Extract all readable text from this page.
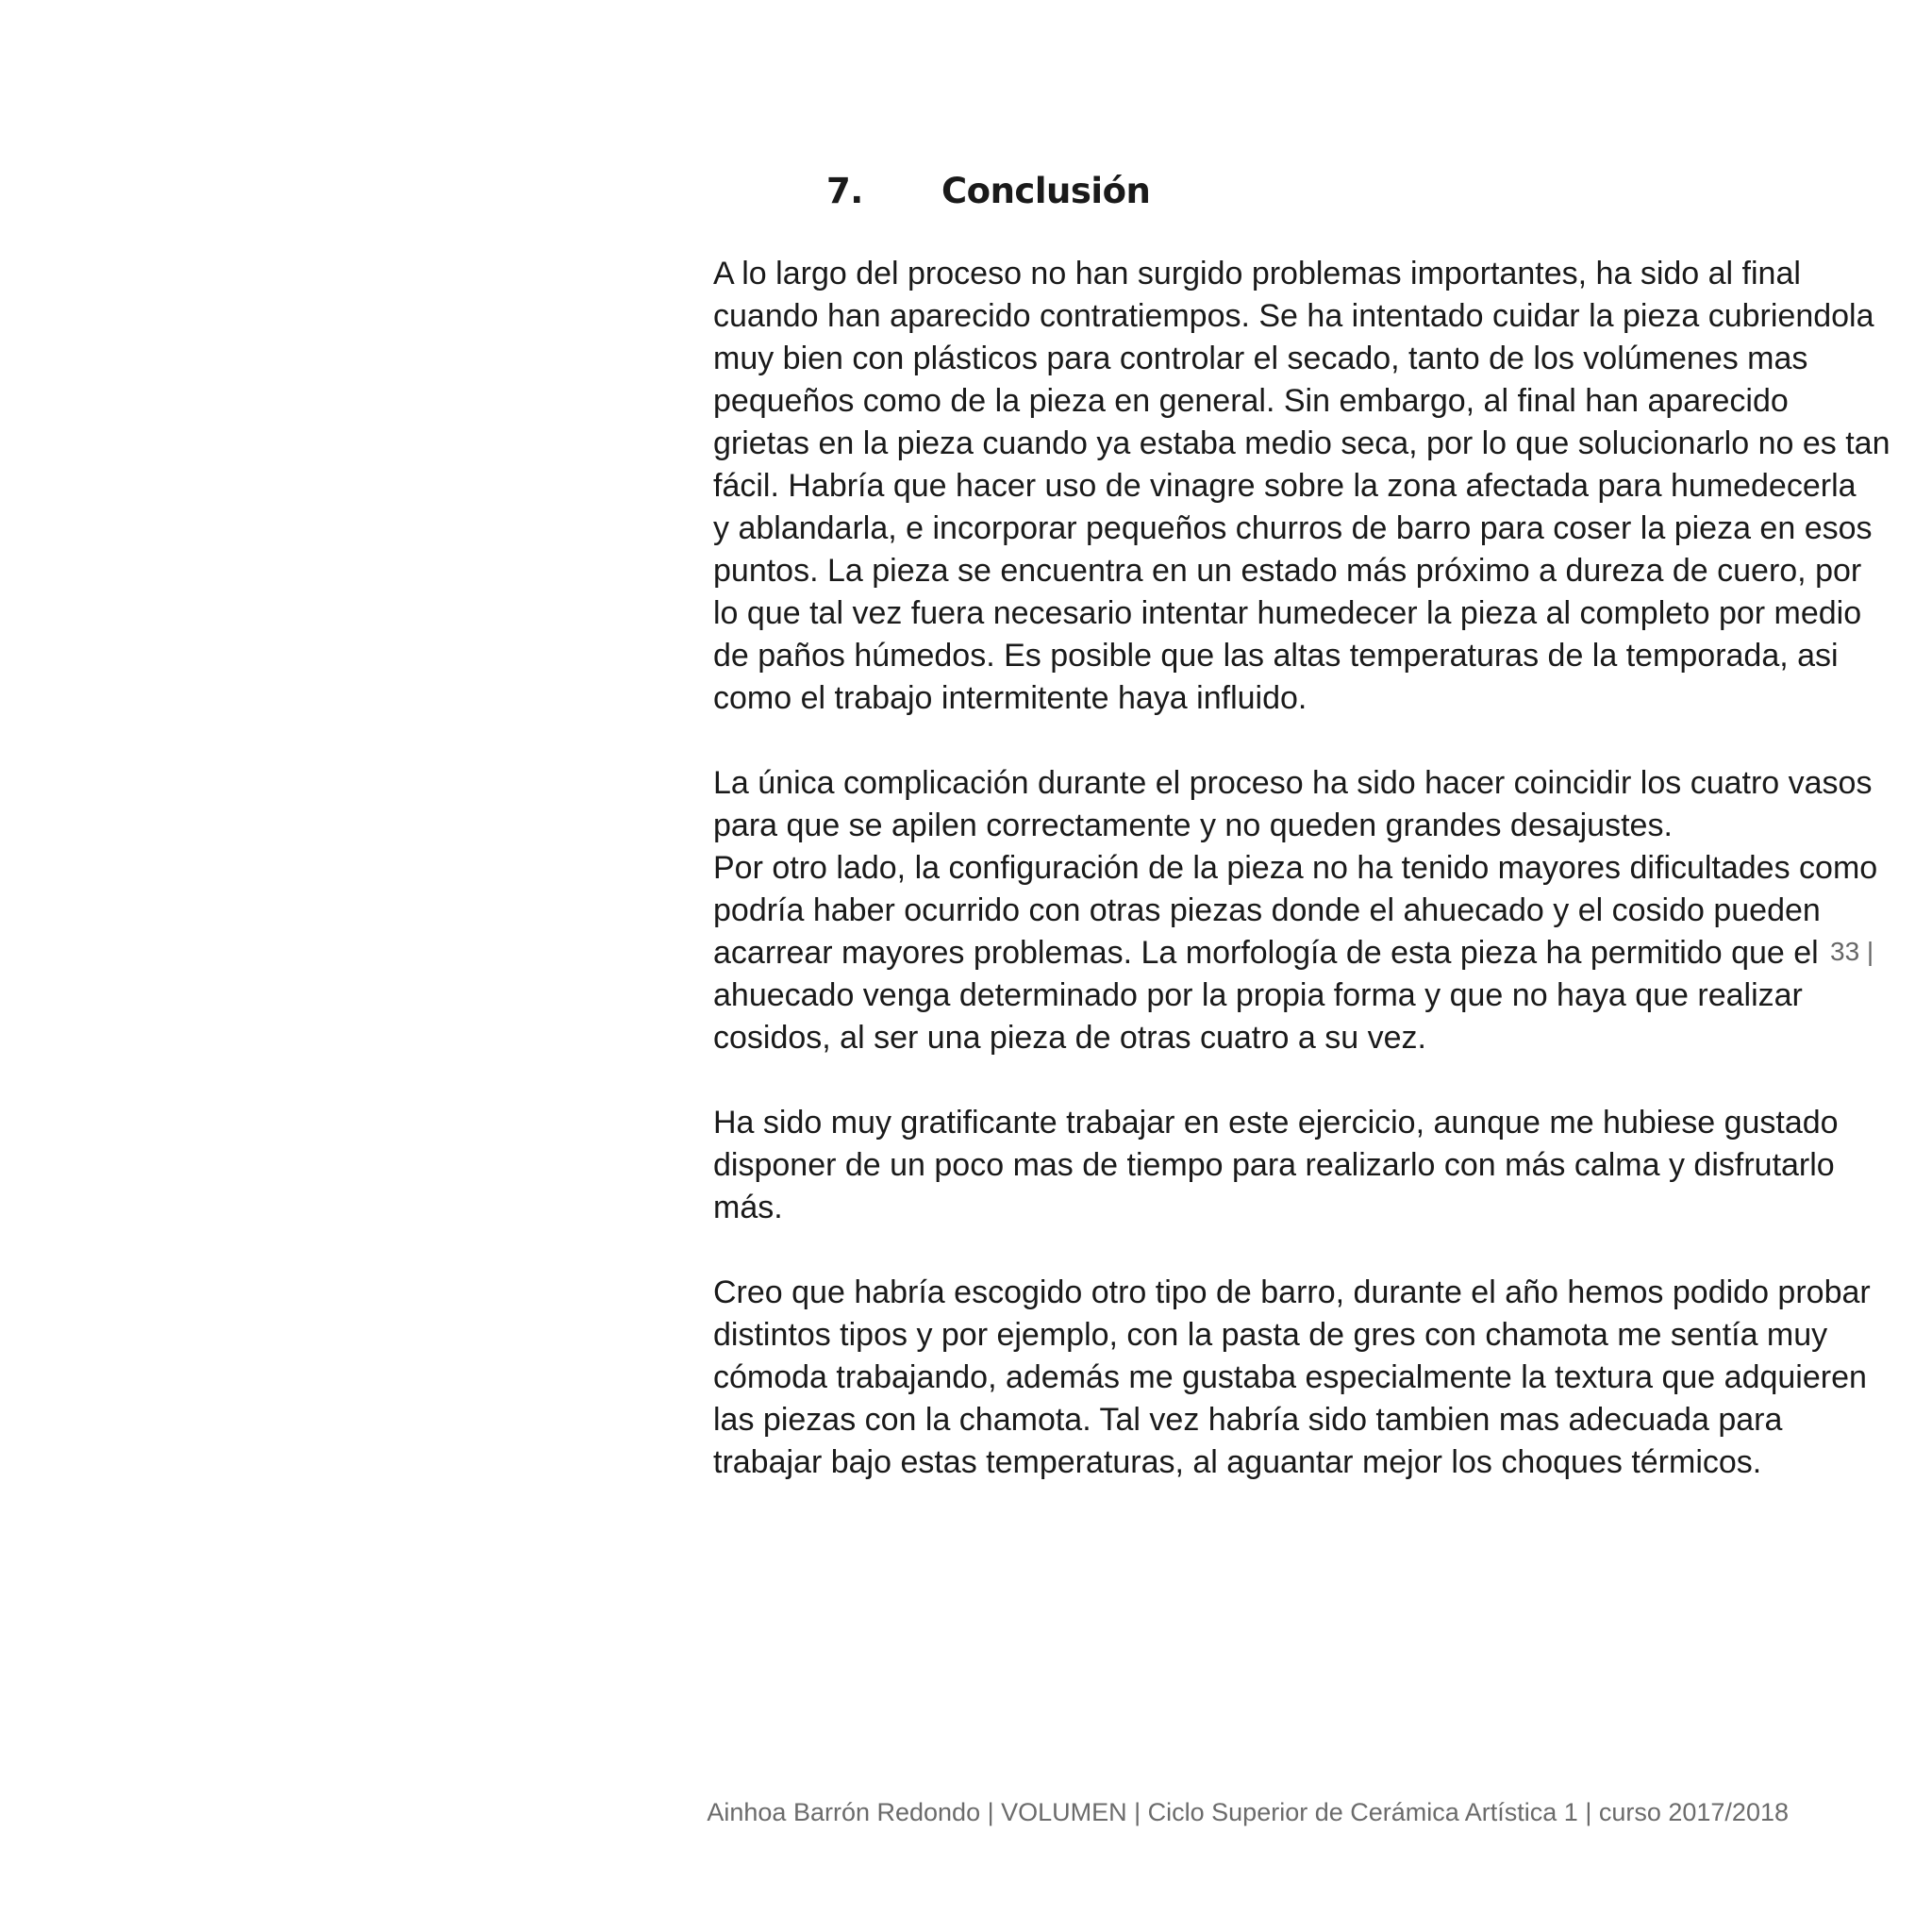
7.	Conclusión
A lo largo del proceso no han surgido problemas importantes, ha sido al final
cuando han aparecido contratiempos. Se ha intentado cuidar la pieza cubriendola
muy bien con plásticos para controlar el secado, tanto de los volúmenes mas
pequeños como de la pieza en general. Sin embargo, al final han aparecido
grietas en la pieza cuando ya estaba medio seca, por lo que solucionarlo no es tan
fácil. Habría que hacer uso de vinagre sobre la zona afectada para humedecerla
y ablandarla, e incorporar pequeños churros de barro para coser la pieza en esos
puntos. La pieza se encuentra en un estado más próximo a dureza de cuero, por
lo que tal vez fuera necesario intentar humedecer la pieza al completo por medio
de paños húmedos. Es posible que las altas temperaturas de la temporada, asi
como el trabajo intermitente haya influido.
La única complicación durante el proceso ha sido hacer coincidir los cuatro vasos
para que se apilen correctamente y no queden grandes desajustes.
Por otro lado, la configuración de la pieza no ha tenido mayores dificultades como
podría haber ocurrido con otras piezas donde el ahuecado y el cosido pueden
acarrear mayores problemas. La morfología de esta pieza ha permitido que el
ahuecado venga determinado por la propia forma y que no haya que realizar
cosidos, al ser una pieza de otras cuatro a su vez.
Ha sido muy gratificante trabajar en este ejercicio, aunque me hubiese gustado
disponer de un poco mas de tiempo para realizarlo con más calma y disfrutarlo
más.
Creo que habría escogido otro tipo de barro, durante el año hemos podido probar
distintos tipos y por ejemplo, con la pasta de gres con chamota me sentía muy
cómoda trabajando, además me gustaba especialmente la textura que adquieren
las piezas con la chamota. Tal vez habría sido tambien mas adecuada para
trabajar bajo estas temperaturas, al aguantar mejor los choques térmicos.
33 |
Ainhoa Barrón Redondo | VOLUMEN | Ciclo Superior de Cerámica Artística 1 | curso 2017/2018
